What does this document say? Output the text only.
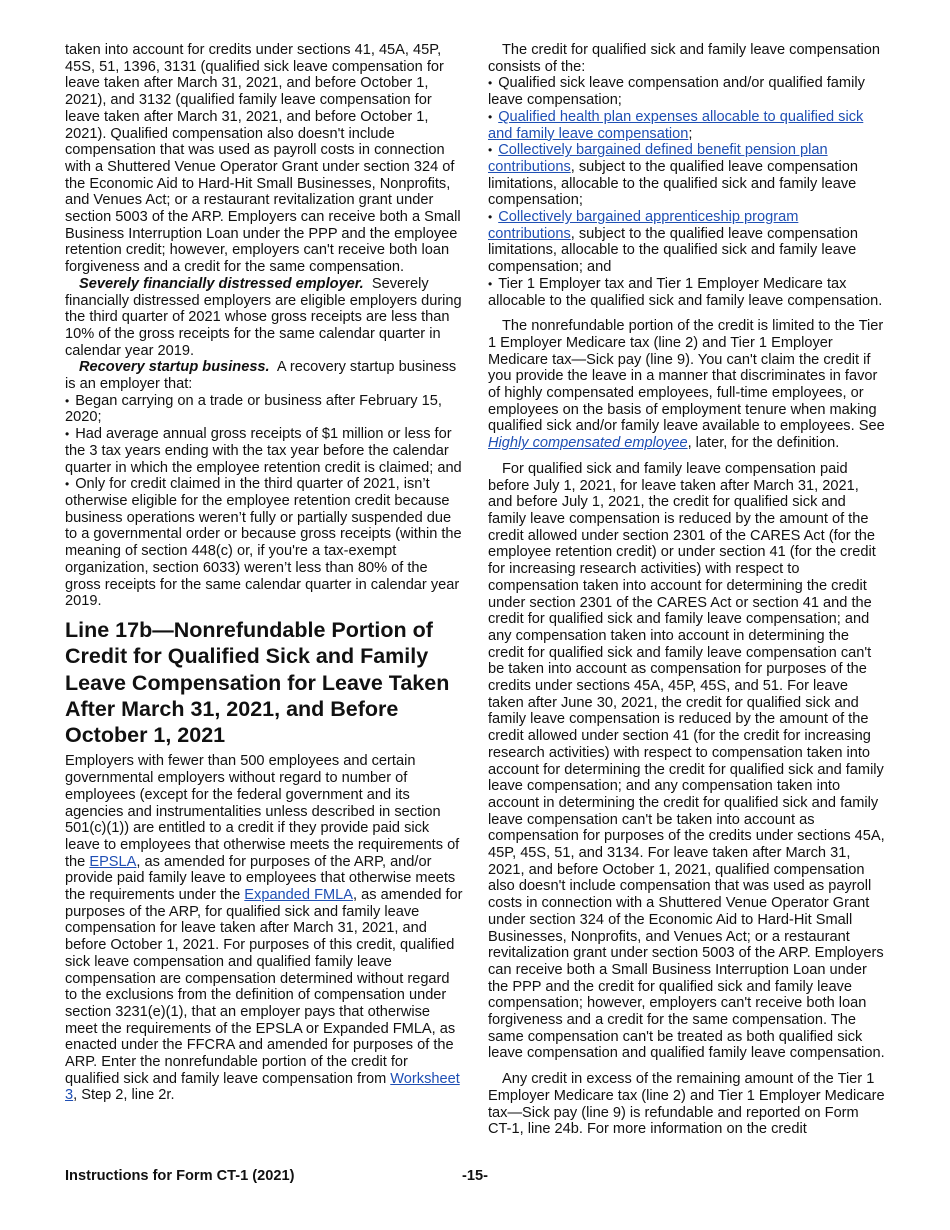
taken into account for credits under sections 41, 45A, 45P, 45S, 51, 1396, 3131 (qualified sick leave compensation for leave taken after March 31, 2021, and before October 1, 2021), and 3132 (qualified family leave compensation for leave taken after March 31, 2021, and before October 1, 2021). Qualified compensation also doesn't include compensation that was used as payroll costs in connection with a Shuttered Venue Operator Grant under section 324 of the Economic Aid to Hard-Hit Small Businesses, Nonprofits, and Venues Act; or a restaurant revitalization grant under section 5003 of the ARP. Employers can receive both a Small Business Interruption Loan under the PPP and the employee retention credit; however, employers can't receive both loan forgiveness and a credit for the same compensation.

Severely financially distressed employer. Severely financially distressed employers are eligible employers during the third quarter of 2021 whose gross receipts are less than 10% of the gross receipts for the same calendar quarter in calendar year 2019.

Recovery startup business. A recovery startup business is an employer that:

• Began carrying on a trade or business after February 15, 2020;

• Had average annual gross receipts of $1 million or less for the 3 tax years ending with the tax year before the calendar quarter in which the employee retention credit is claimed; and

• Only for credit claimed in the third quarter of 2021, isn’t otherwise eligible for the employee retention credit because business operations weren’t fully or partially suspended due to a governmental order or because gross receipts (within the meaning of section 448(c) or, if you're a tax-exempt organization, section 6033) weren’t less than 80% of the gross receipts for the same calendar quarter in calendar year 2019.

Line 17b—Nonrefundable Portion of Credit for Qualified Sick and Family Leave Compensation for Leave Taken After March 31, 2021, and Before October 1, 2021

Employers with fewer than 500 employees and certain governmental employers without regard to number of employees (except for the federal government and its agencies and instrumentalities unless described in section 501(c)(1)) are entitled to a credit if they provide paid sick leave to employees that otherwise meets the requirements of the EPSLA, as amended for purposes of the ARP, and/or provide paid family leave to employees that otherwise meets the requirements under the Expanded FMLA, as amended for purposes of the ARP, for qualified sick and family leave compensation for leave taken after March 31, 2021, and before October 1, 2021. For purposes of this credit, qualified sick leave compensation and qualified family leave compensation are compensation determined without regard to the exclusions from the definition of compensation under section 3231(e)(1), that an employer pays that otherwise meet the requirements of the EPSLA or Expanded FMLA, as enacted under the FFCRA and amended for purposes of the ARP. Enter the nonrefundable portion of the credit for qualified sick and family leave compensation from Worksheet 3, Step 2, line 2r.

The credit for qualified sick and family leave compensation consists of the:

• Qualified sick leave compensation and/or qualified family leave compensation;

• Qualified health plan expenses allocable to qualified sick and family leave compensation;

• Collectively bargained defined benefit pension plan contributions, subject to the qualified leave compensation limitations, allocable to the qualified sick and family leave compensation;

• Collectively bargained apprenticeship program contributions, subject to the qualified leave compensation limitations, allocable to the qualified sick and family leave compensation; and

• Tier 1 Employer tax and Tier 1 Employer Medicare tax allocable to the qualified sick and family leave compensation.

The nonrefundable portion of the credit is limited to the Tier 1 Employer Medicare tax (line 2) and Tier 1 Employer Medicare tax—Sick pay (line 9). You can't claim the credit if you provide the leave in a manner that discriminates in favor of highly compensated employees, full-time employees, or employees on the basis of employment tenure when making qualified sick and/or family leave available to employees. See Highly compensated employee, later, for the definition.

For qualified sick and family leave compensation paid before July 1, 2021, for leave taken after March 31, 2021, and before July 1, 2021, the credit for qualified sick and family leave compensation is reduced by the amount of the credit allowed under section 2301 of the CARES Act (for the employee retention credit) or under section 41 (for the credit for increasing research activities) with respect to compensation taken into account for determining the credit under section 2301 of the CARES Act or section 41 and the credit for qualified sick and family leave compensation; and any compensation taken into account in determining the credit for qualified sick and family leave compensation can't be taken into account as compensation for purposes of the credits under sections 45A, 45P, 45S, and 51. For leave taken after June 30, 2021, the credit for qualified sick and family leave compensation is reduced by the amount of the credit allowed under section 41 (for the credit for increasing research activities) with respect to compensation taken into account for determining the credit for qualified sick and family leave compensation; and any compensation taken into account in determining the credit for qualified sick and family leave compensation can't be taken into account as compensation for purposes of the credits under sections 45A, 45P, 45S, 51, and 3134. For leave taken after March 31, 2021, and before October 1, 2021, qualified compensation also doesn't include compensation that was used as payroll costs in connection with a Shuttered Venue Operator Grant under section 324 of the Economic Aid to Hard-Hit Small Businesses, Nonprofits, and Venues Act; or a restaurant revitalization grant under section 5003 of the ARP. Employers can receive both a Small Business Interruption Loan under the PPP and the credit for qualified sick and family leave compensation; however, employers can't receive both loan forgiveness and a credit for the same compensation. The same compensation can't be treated as both qualified sick leave compensation and qualified family leave compensation.

Any credit in excess of the remaining amount of the Tier 1 Employer Medicare tax (line 2) and Tier 1 Employer Medicare tax—Sick pay (line 9) is refundable and reported on Form CT-1, line 24b. For more information on the credit

Instructions for Form CT-1 (2021)	-15-
